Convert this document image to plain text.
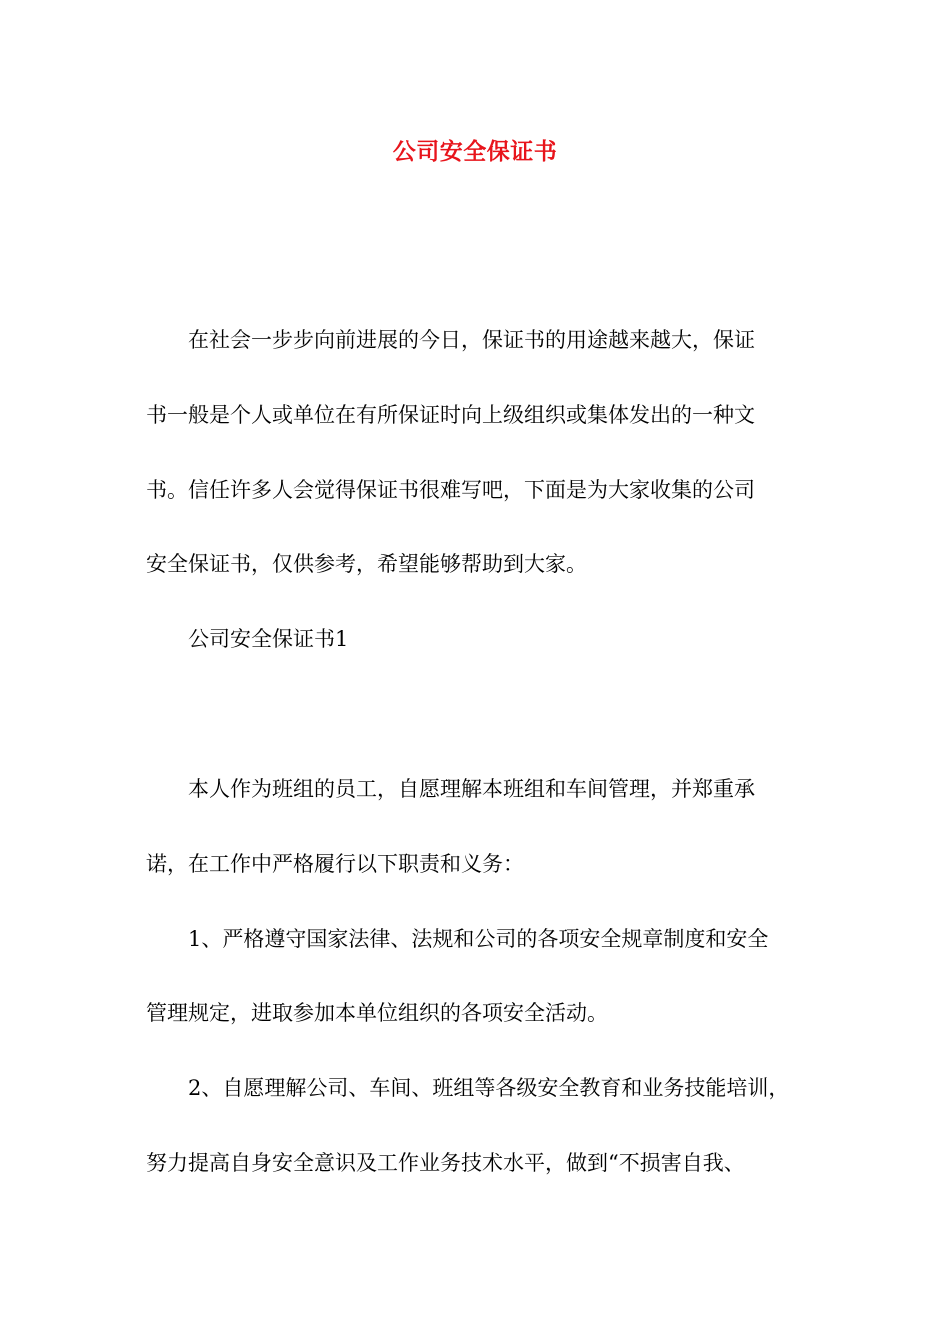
公司安全保证书
　　在社会一步步向前进展的今日，保证书的用途越来越大，保证
书一般是个人或单位在有所保证时向上级组织或集体发出的一种文
书。信任许多人会觉得保证书很难写吧，下面是为大家收集的公司
安全保证书，仅供参考，希望能够帮助到大家。
　　公司安全保证书1
　　本人作为班组的员工，自愿理解本班组和车间管理，并郑重承
诺，在工作中严格履行以下职责和义务：
　　1、严格遵守国家法律、法规和公司的各项安全规章制度和安全
管理规定，进取参加本单位组织的各项安全活动。
　　2、自愿理解公司、车间、班组等各级安全教育和业务技能培训，
努力提高自身安全意识及工作业务技术水平，做到“不损害自我、
